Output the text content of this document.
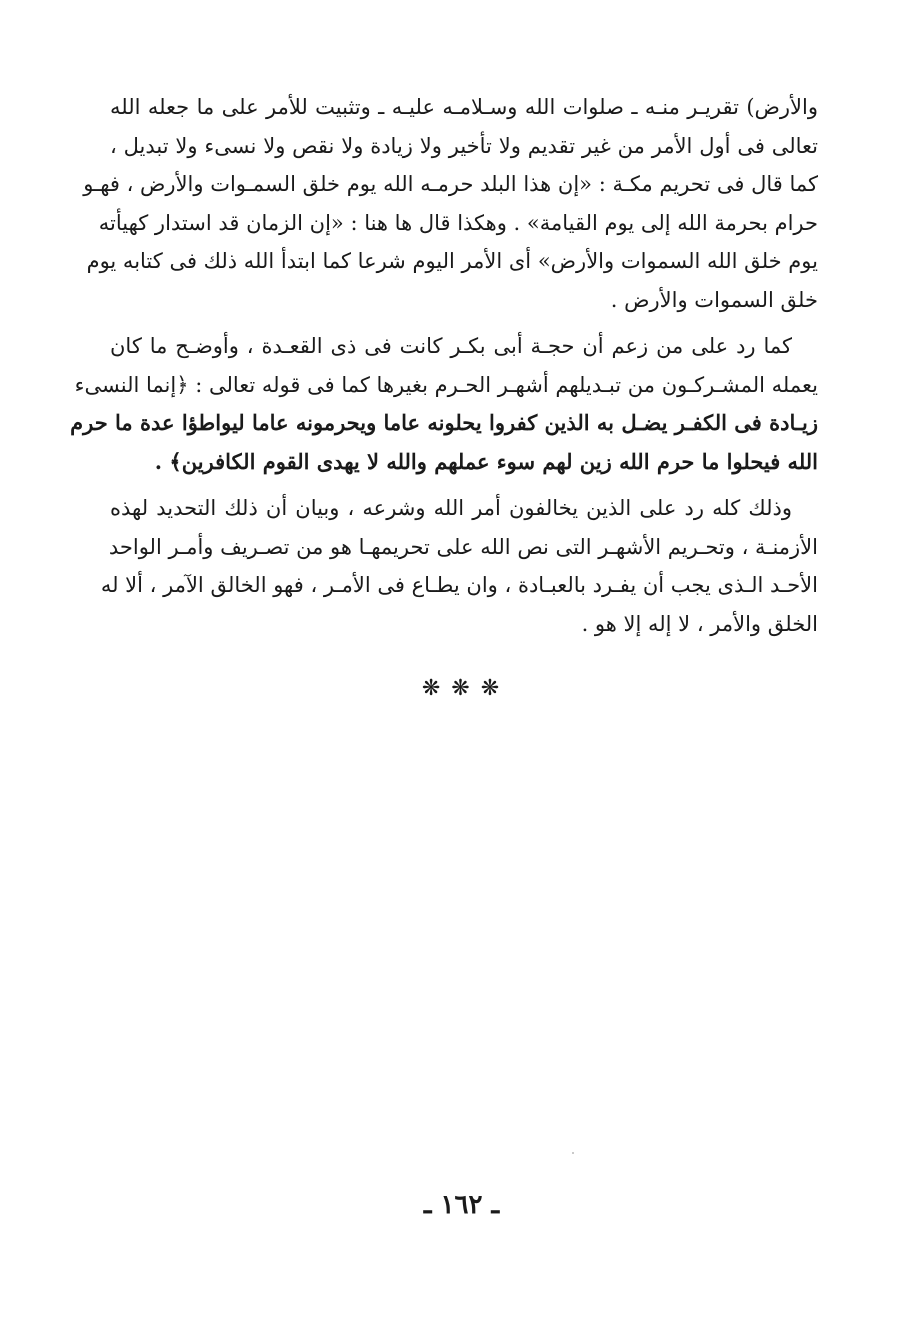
والأرض) تقريـر منـه ـ صلوات الله وسـلامـه عليـه ـ وتثبيت للأمر على ما جعله الله
تعالى فى أول الأمر من غير تقديم ولا تأخير ولا زيادة ولا نقص ولا نسىء ولا تبديل ،
كما قال فى تحريم مكـة : «إن هذا البلد حرمـه الله يوم خلق السمـوات والأرض ، فهـو
حرام بحرمة الله إلى يوم القيامة» . وهكذا قال ها هنا : «إن الزمان قد استدار كهيأته
يوم خلق الله السموات والأرض» أى الأمر اليوم شرعا كما ابتدأ الله ذلك فى كتابه يوم
خلق السموات والأرض .
كما رد على من زعم أن حجـة أبى بكـر كانت فى ذى القعـدة ، وأوضـح ما كان
يعمله المشـركـون من تبـديلهم أشهـر الحـرم بغيرها كما فى قوله تعالى : ﴿إنما النسىء
زيـادة فى الكفـر يضـل به الذين كفروا يحلونه عاما ويحرمونه عاما ليواطؤا عدة ما حرم
الله فيحلوا ما حرم الله زين لهم سوء عملهم والله لا يهدى القوم الكافرين﴾ .
وذلك كله رد على الذين يخالفون أمر الله وشرعه ، وبيان أن ذلك التحديد لهذه
الأزمنـة ، وتحـريم الأشهـر التى نص الله على تحريمهـا هو من تصـريف وأمـر الواحد
الأحـد الـذى يجب أن يفـرد بالعبـادة ، وان يطـاع فى الأمـر ، فهو الخالق الآمر ، ألا له
الخلق والأمر ، لا إله إلا هو .
❋ ❋ ❋
ـ ١٦٢ ـ
